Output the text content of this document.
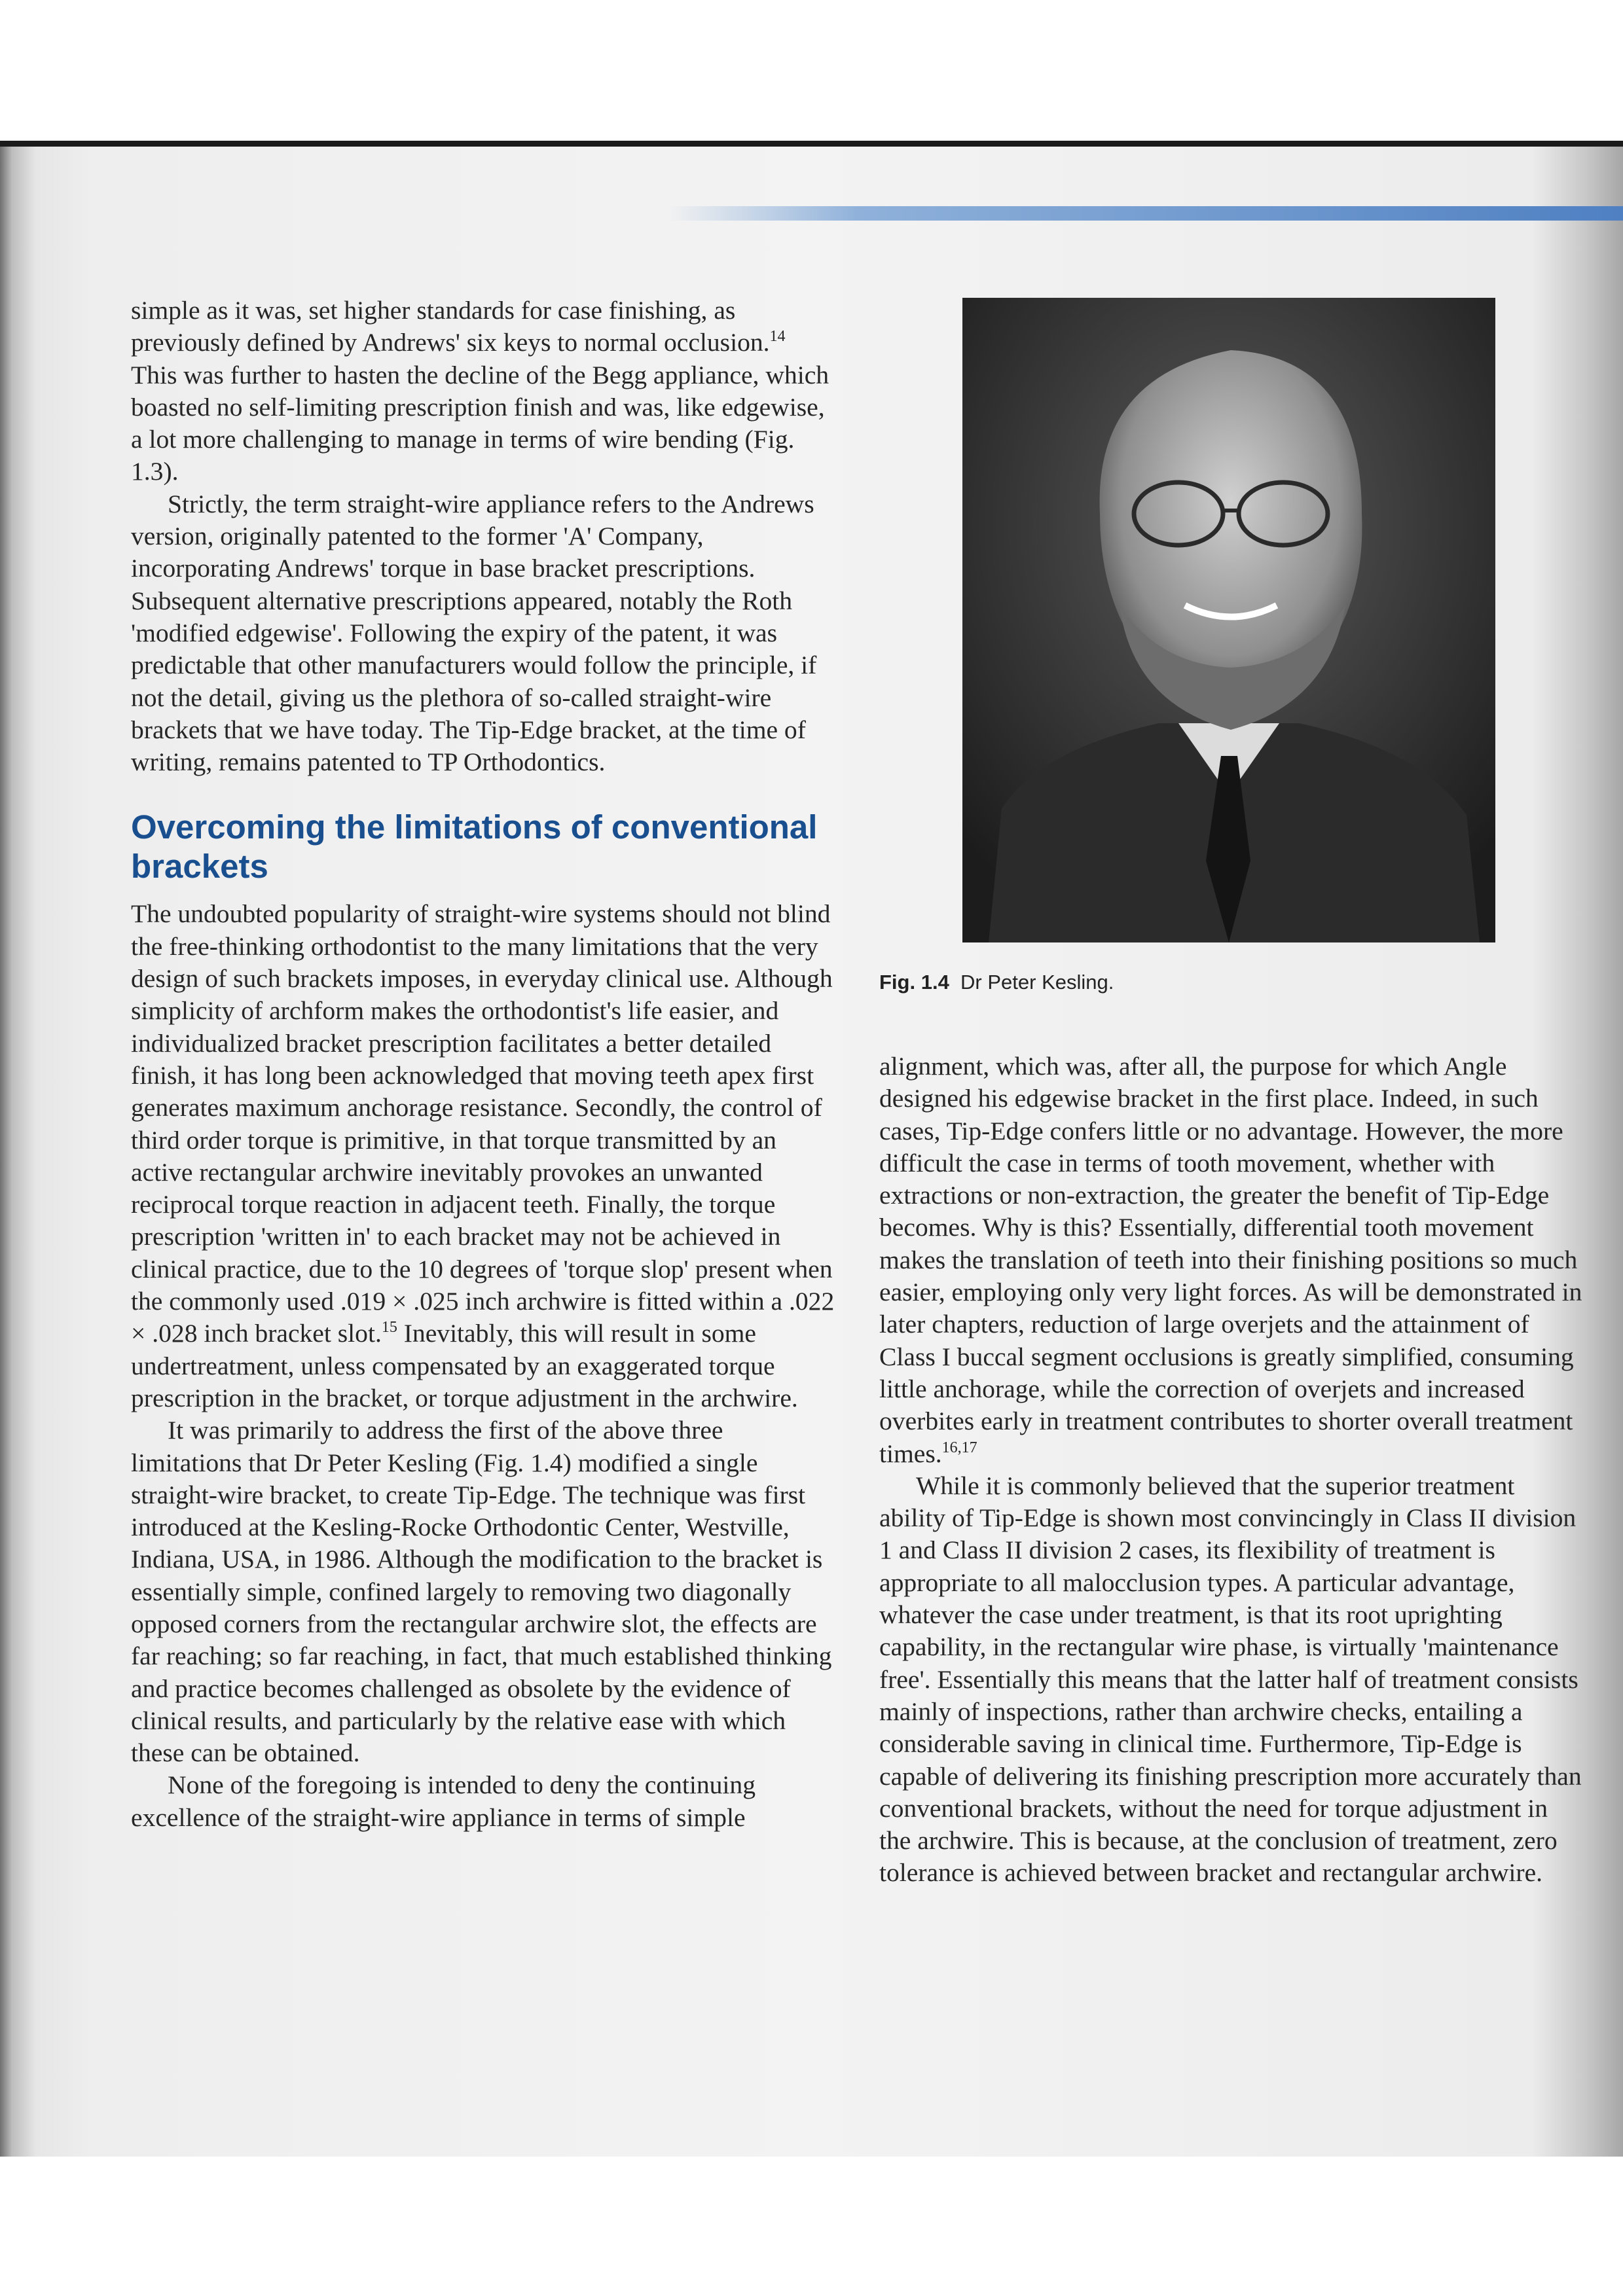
simple as it was, set higher standards for case finishing, as previously defined by Andrews' six keys to normal occlusion.$^{14}$ This was further to hasten the decline of the Begg appliance, which boasted no self-limiting prescription finish and was, like edgewise, a lot more challenging to manage in terms of wire bending (Fig. 1.3).

Strictly, the term straight-wire appliance refers to the Andrews version, originally patented to the former 'A' Company, incorporating Andrews' torque in base bracket prescriptions. Subsequent alternative prescriptions appeared, notably the Roth 'modified edgewise'. Following the expiry of the patent, it was predictable that other manufacturers would follow the principle, if not the detail, giving us the plethora of so-called straight-wire brackets that we have today. The Tip-Edge bracket, at the time of writing, remains patented to TP Orthodontics.

Overcoming the limitations of conventional brackets

The undoubted popularity of straight-wire systems should not blind the free-thinking orthodontist to the many limitations that the very design of such brackets imposes, in everyday clinical use. Although simplicity of archform makes the orthodontist's life easier, and individualized bracket prescription facilitates a better detailed finish, it has long been acknowledged that moving teeth apex first generates maximum anchorage resistance. Secondly, the control of third order torque is primitive, in that torque transmitted by an active rectangular archwire inevitably provokes an unwanted reciprocal torque reaction in adjacent teeth. Finally, the torque prescription 'written in' to each bracket may not be achieved in clinical practice, due to the 10 degrees of 'torque slop' present when the commonly used .019 × .025 inch archwire is fitted within a .022 × .028 inch bracket slot.$^{15}$ Inevitably, this will result in some undertreatment, unless compensated by an exaggerated torque prescription in the bracket, or torque adjustment in the archwire.

It was primarily to address the first of the above three limitations that Dr Peter Kesling (Fig. 1.4) modified a single straight-wire bracket, to create Tip-Edge. The technique was first introduced at the Kesling-Rocke Orthodontic Center, Westville, Indiana, USA, in 1986. Although the modification to the bracket is essentially simple, confined largely to removing two diagonally opposed corners from the rectangular archwire slot, the effects are far reaching; so far reaching, in fact, that much established thinking and practice becomes challenged as obsolete by the evidence of clinical results, and particularly by the relative ease with which these can be obtained.

None of the foregoing is intended to deny the continuing excellence of the straight-wire appliance in terms of simple

Fig. 1.4 Dr Peter Kesling.

alignment, which was, after all, the purpose for which Angle designed his edgewise bracket in the first place. Indeed, in such cases, Tip-Edge confers little or no advantage. However, the more difficult the case in terms of tooth movement, whether with extractions or non-extraction, the greater the benefit of Tip-Edge becomes. Why is this? Essentially, differential tooth movement makes the translation of teeth into their finishing positions so much easier, employing only very light forces. As will be demonstrated in later chapters, reduction of large overjets and the attainment of Class I buccal segment occlusions is greatly simplified, consuming little anchorage, while the correction of overjets and increased overbites early in treatment contributes to shorter overall treatment times.$^{16,17}$

While it is commonly believed that the superior treatment ability of Tip-Edge is shown most convincingly in Class II division 1 and Class II division 2 cases, its flexibility of treatment is appropriate to all malocclusion types. A particular advantage, whatever the case under treatment, is that its root uprighting capability, in the rectangular wire phase, is virtually 'maintenance free'. Essentially this means that the latter half of treatment consists mainly of inspections, rather than archwire checks, entailing a considerable saving in clinical time. Furthermore, Tip-Edge is capable of delivering its finishing prescription more accurately than conventional brackets, without the need for torque adjustment in the archwire. This is because, at the conclusion of treatment, zero tolerance is achieved between bracket and rectangular archwire.
